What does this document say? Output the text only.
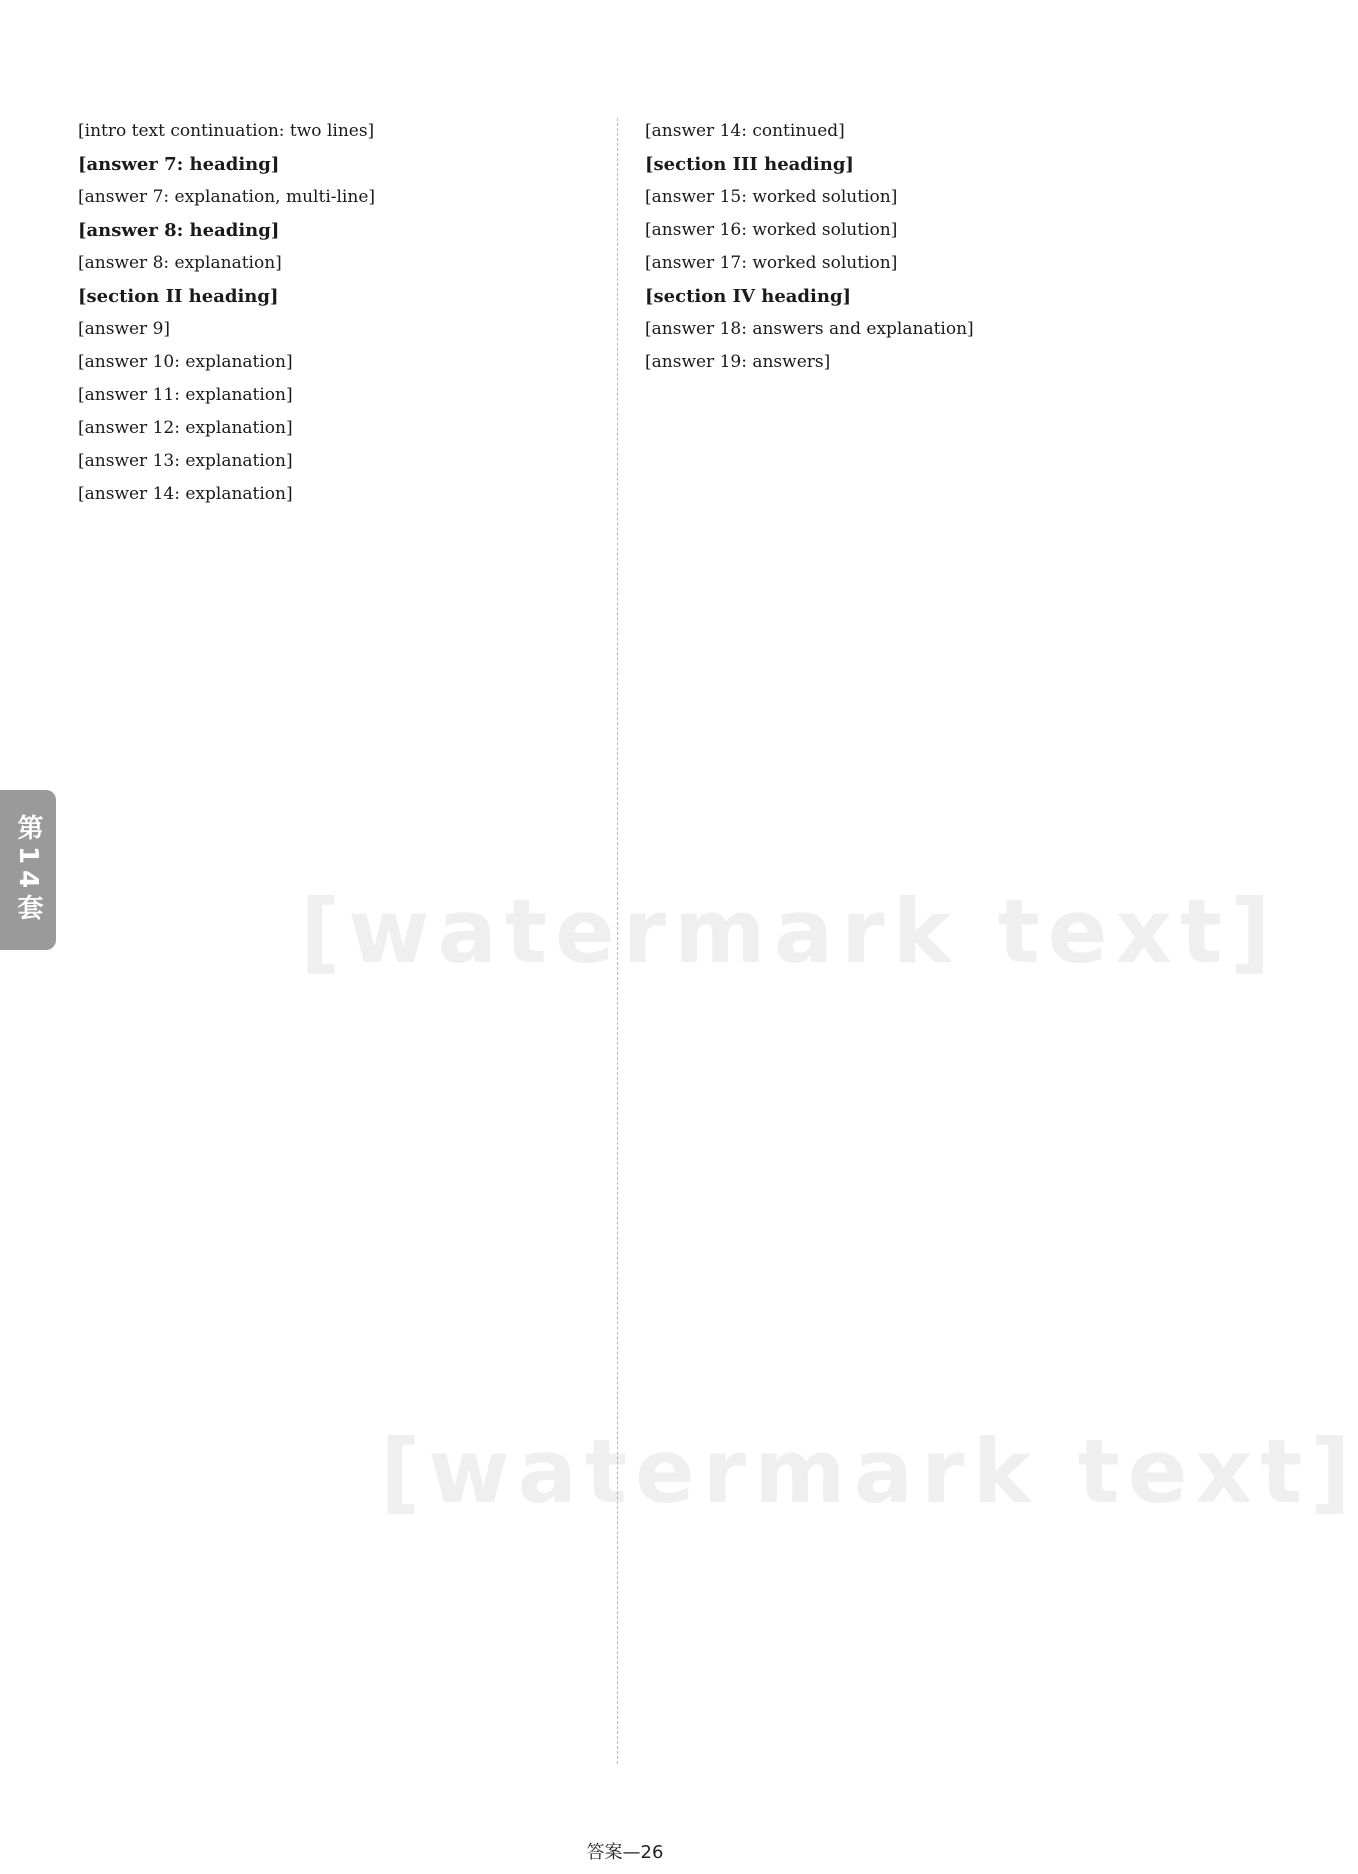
[intro text continuation: two lines]
[answer 7: heading]
[answer 7: explanation, multi-line]
[answer 8: heading]
[answer 8: explanation]
[section II heading]
[answer 9]
[answer 10: explanation]
[answer 11: explanation]
[answer 12: explanation]
[answer 13: explanation]
[answer 14: explanation]
[answer 14: continued]
[section III heading]
[answer 15: worked solution]
[answer 16: worked solution]
[answer 17: worked solution]
[section IV heading]
[answer 18: answers and explanation]
[answer 19: answers]
第14套
[watermark text]
[watermark text]
答案—26
